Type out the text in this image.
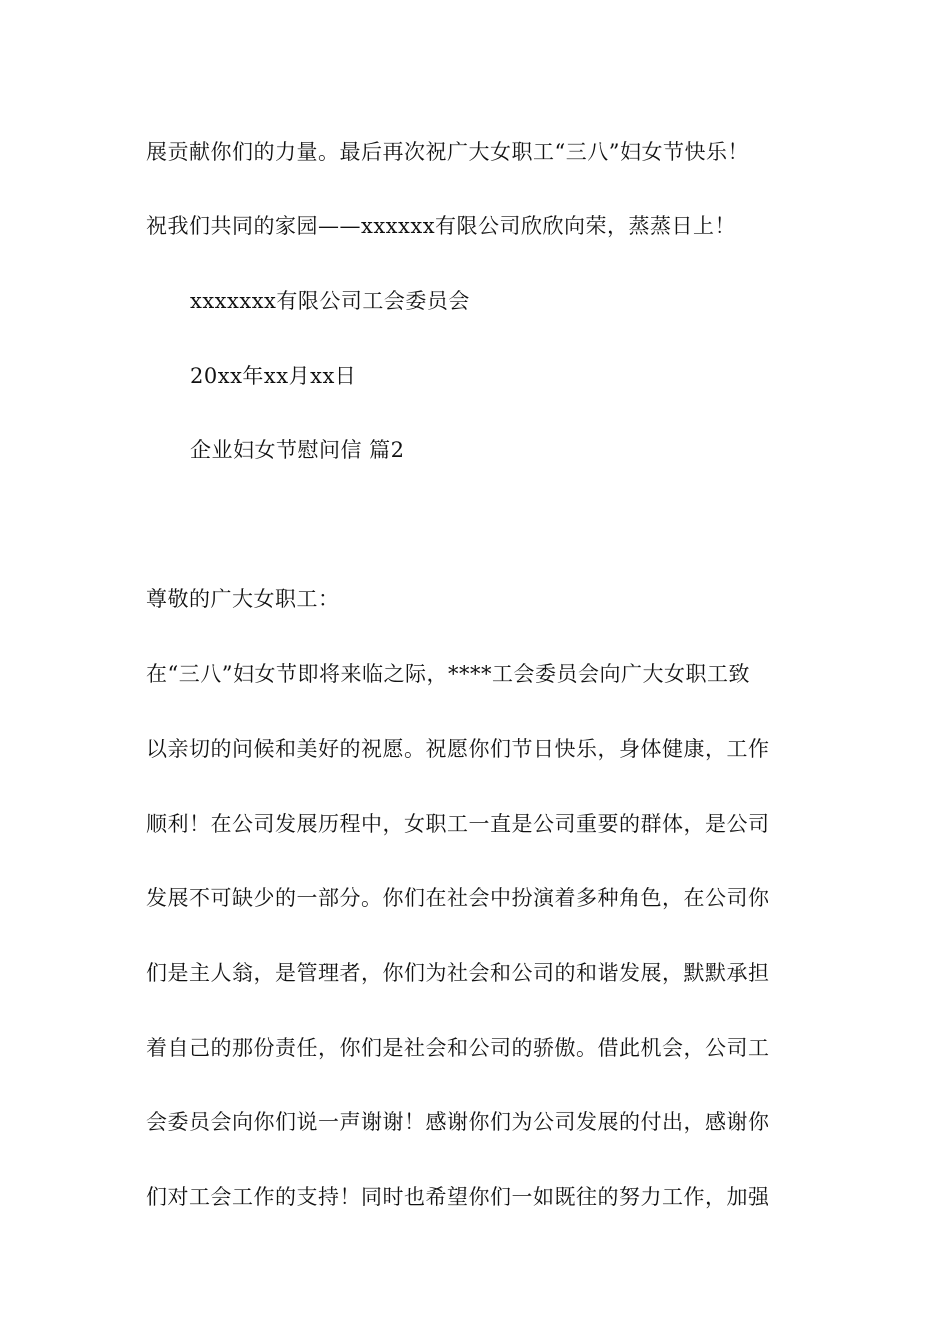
展贡献你们的力量。最后再次祝广大女职工“三八”妇女节快乐！
祝我们共同的家园——xxxxxx有限公司欣欣向荣，蒸蒸日上！
xxxxxxx有限公司工会委员会
20xx年xx月xx日
企业妇女节慰问信 篇2
尊敬的广大女职工：
在“三八”妇女节即将来临之际，****工会委员会向广大女职工致
以亲切的问候和美好的祝愿。祝愿你们节日快乐，身体健康，工作
顺利！在公司发展历程中，女职工一直是公司重要的群体，是公司
发展不可缺少的一部分。你们在社会中扮演着多种角色，在公司你
们是主人翁，是管理者，你们为社会和公司的和谐发展，默默承担
着自己的那份责任，你们是社会和公司的骄傲。借此机会，公司工
会委员会向你们说一声谢谢！感谢你们为公司发展的付出，感谢你
们对工会工作的支持！同时也希望你们一如既往的努力工作，加强
